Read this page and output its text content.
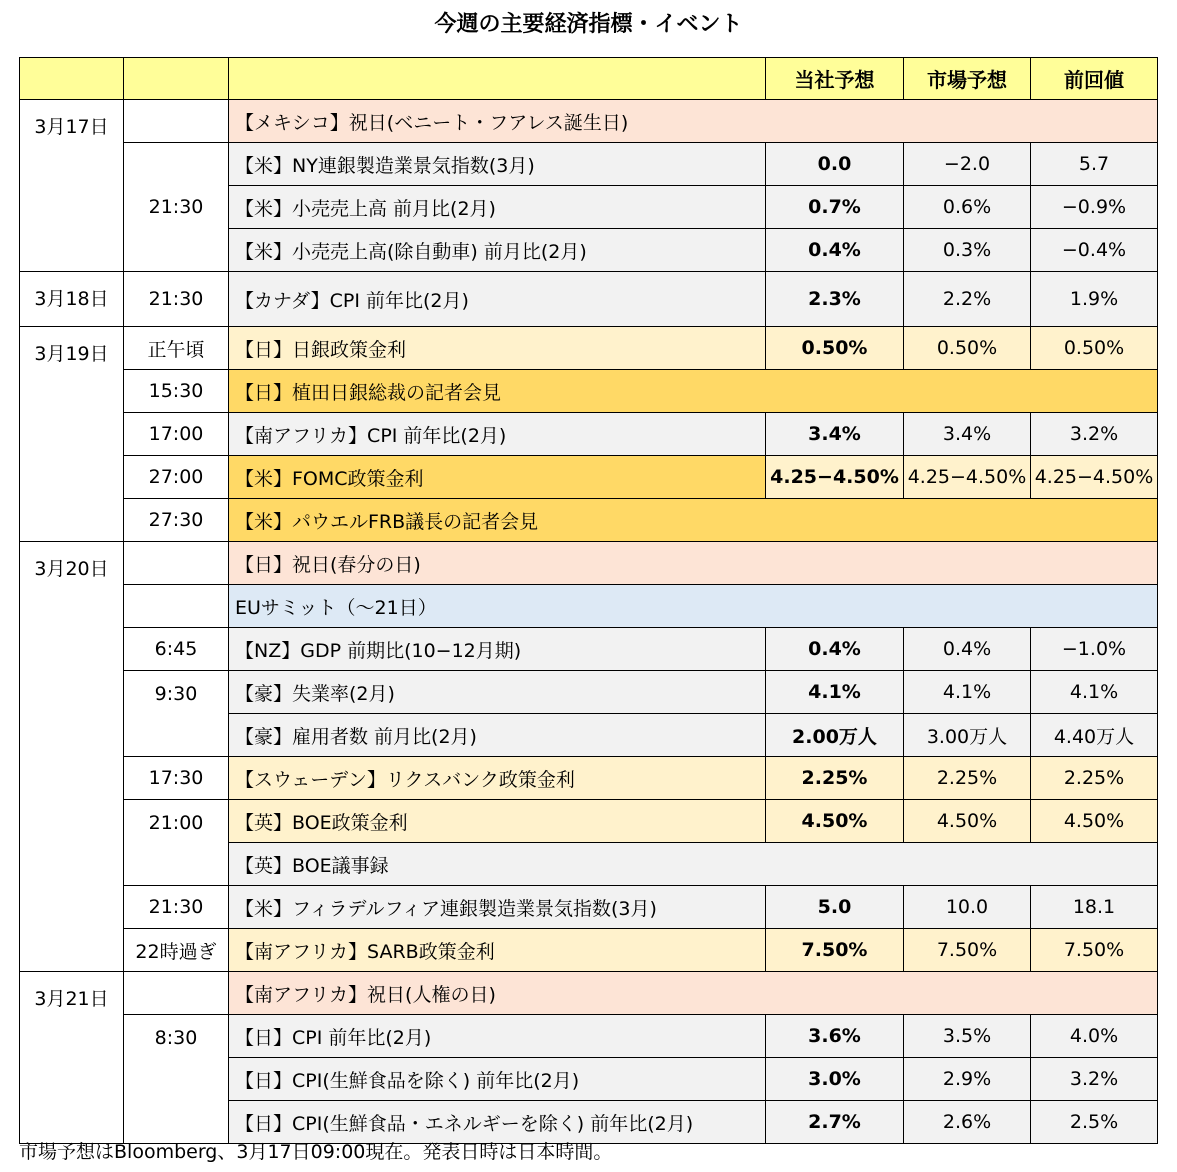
今週の主要経済指標・イベント
			当社予想	市場予想	前回値
3月17日		【メキシコ】祝日(ベニート・フアレス誕生日)			
	21:30	【米】NY連銀製造業景気指数(3月)	0.0	−2.0	5.7
		【米】小売売上高 前月比(2月)	0.7%	0.6%	−0.9%
		【米】小売売上高(除自動車) 前月比(2月)	0.4%	0.3%	−0.4%
3月18日	21:30	【カナダ】CPI 前年比(2月)	2.3%	2.2%	1.9%
3月19日	正午頃	【日】日銀政策金利	0.50%	0.50%	0.50%
	15:30	【日】植田日銀総裁の記者会見			
	17:00	【南アフリカ】CPI 前年比(2月)	3.4%	3.4%	3.2%
	27:00	【米】FOMC政策金利	4.25−4.50%	4.25−4.50%	4.25−4.50%
	27:30	【米】パウエルFRB議長の記者会見			
3月20日		【日】祝日(春分の日)			
		EUサミット（～21日）			
	6:45	【NZ】GDP 前期比(10−12月期)	0.4%	0.4%	−1.0%
	9:30	【豪】失業率(2月)	4.1%	4.1%	4.1%
		【豪】雇用者数 前月比(2月)	2.00万人	3.00万人	4.40万人
	17:30	【スウェーデン】リクスバンク政策金利	2.25%	2.25%	2.25%
	21:00	【英】BOE政策金利	4.50%	4.50%	4.50%
		【英】BOE議事録			
	21:30	【米】フィラデルフィア連銀製造業景気指数(3月)	5.0	10.0	18.1
	22時過ぎ	【南アフリカ】SARB政策金利	7.50%	7.50%	7.50%
3月21日		【南アフリカ】祝日(人権の日)			
	8:30	【日】CPI 前年比(2月)	3.6%	3.5%	4.0%
		【日】CPI(生鮮食品を除く) 前年比(2月)	3.0%	2.9%	3.2%
		【日】CPI(生鮮食品・エネルギーを除く) 前年比(2月)	2.7%	2.6%	2.5%
市場予想はBloomberg、3月17日09:00現在。発表日時は日本時間。
